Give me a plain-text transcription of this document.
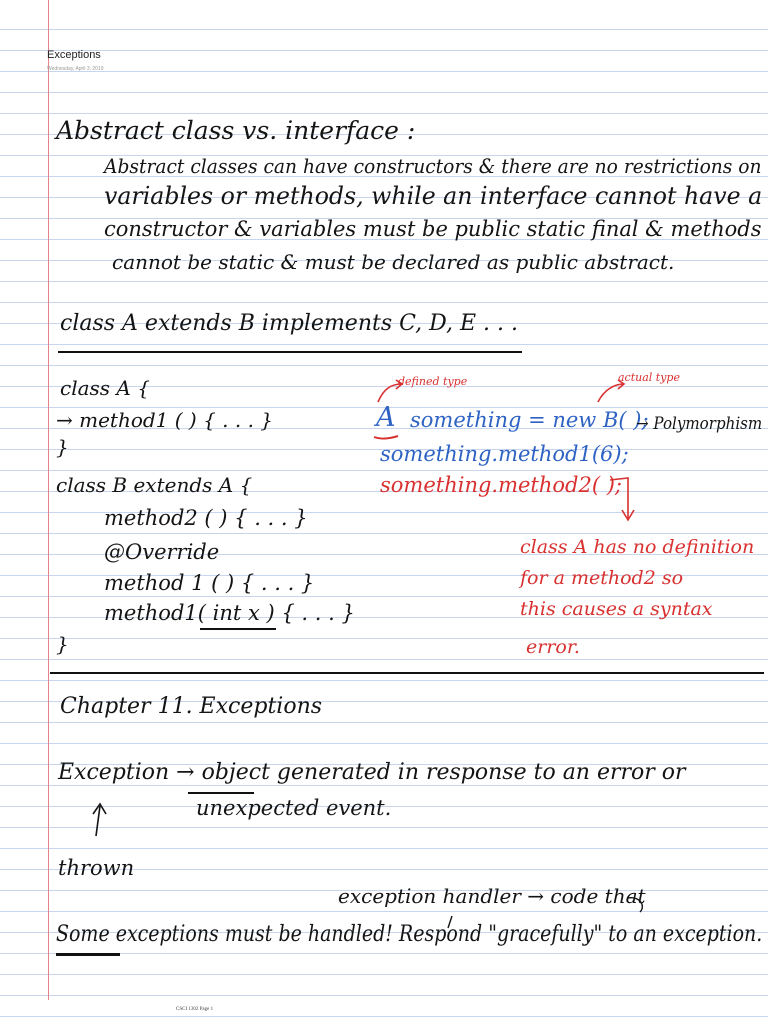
Exceptions
Wednesday, April 3, 2019
Abstract class vs. interface :
Abstract classes can have constructors & there are no restrictions on
variables or methods, while an interface cannot have a
constructor & variables must be public static final & methods
cannot be static & must be declared as public abstract.
class A extends B implements C, D, E . . .
class A {
→ method1 ( ) { . . . }
}
class B extends A {
method2 ( ) { . . . }
@Override
method 1 ( ) { . . . }
method1( int x ) { . . . }
}
defined type	actual type
A something = new B( );
→ Polymorphism
something.method1(6);
something.method2( );
class A has no definition
for a method2 so
this causes a syntax
error.
Chapter 11. Exceptions
Exception → object generated in response to an error or
unexpected event.
thrown
exception handler → code that
Some exceptions must be handled! Respond "gracefully" to an exception.
CSCI 1302 Page 1
